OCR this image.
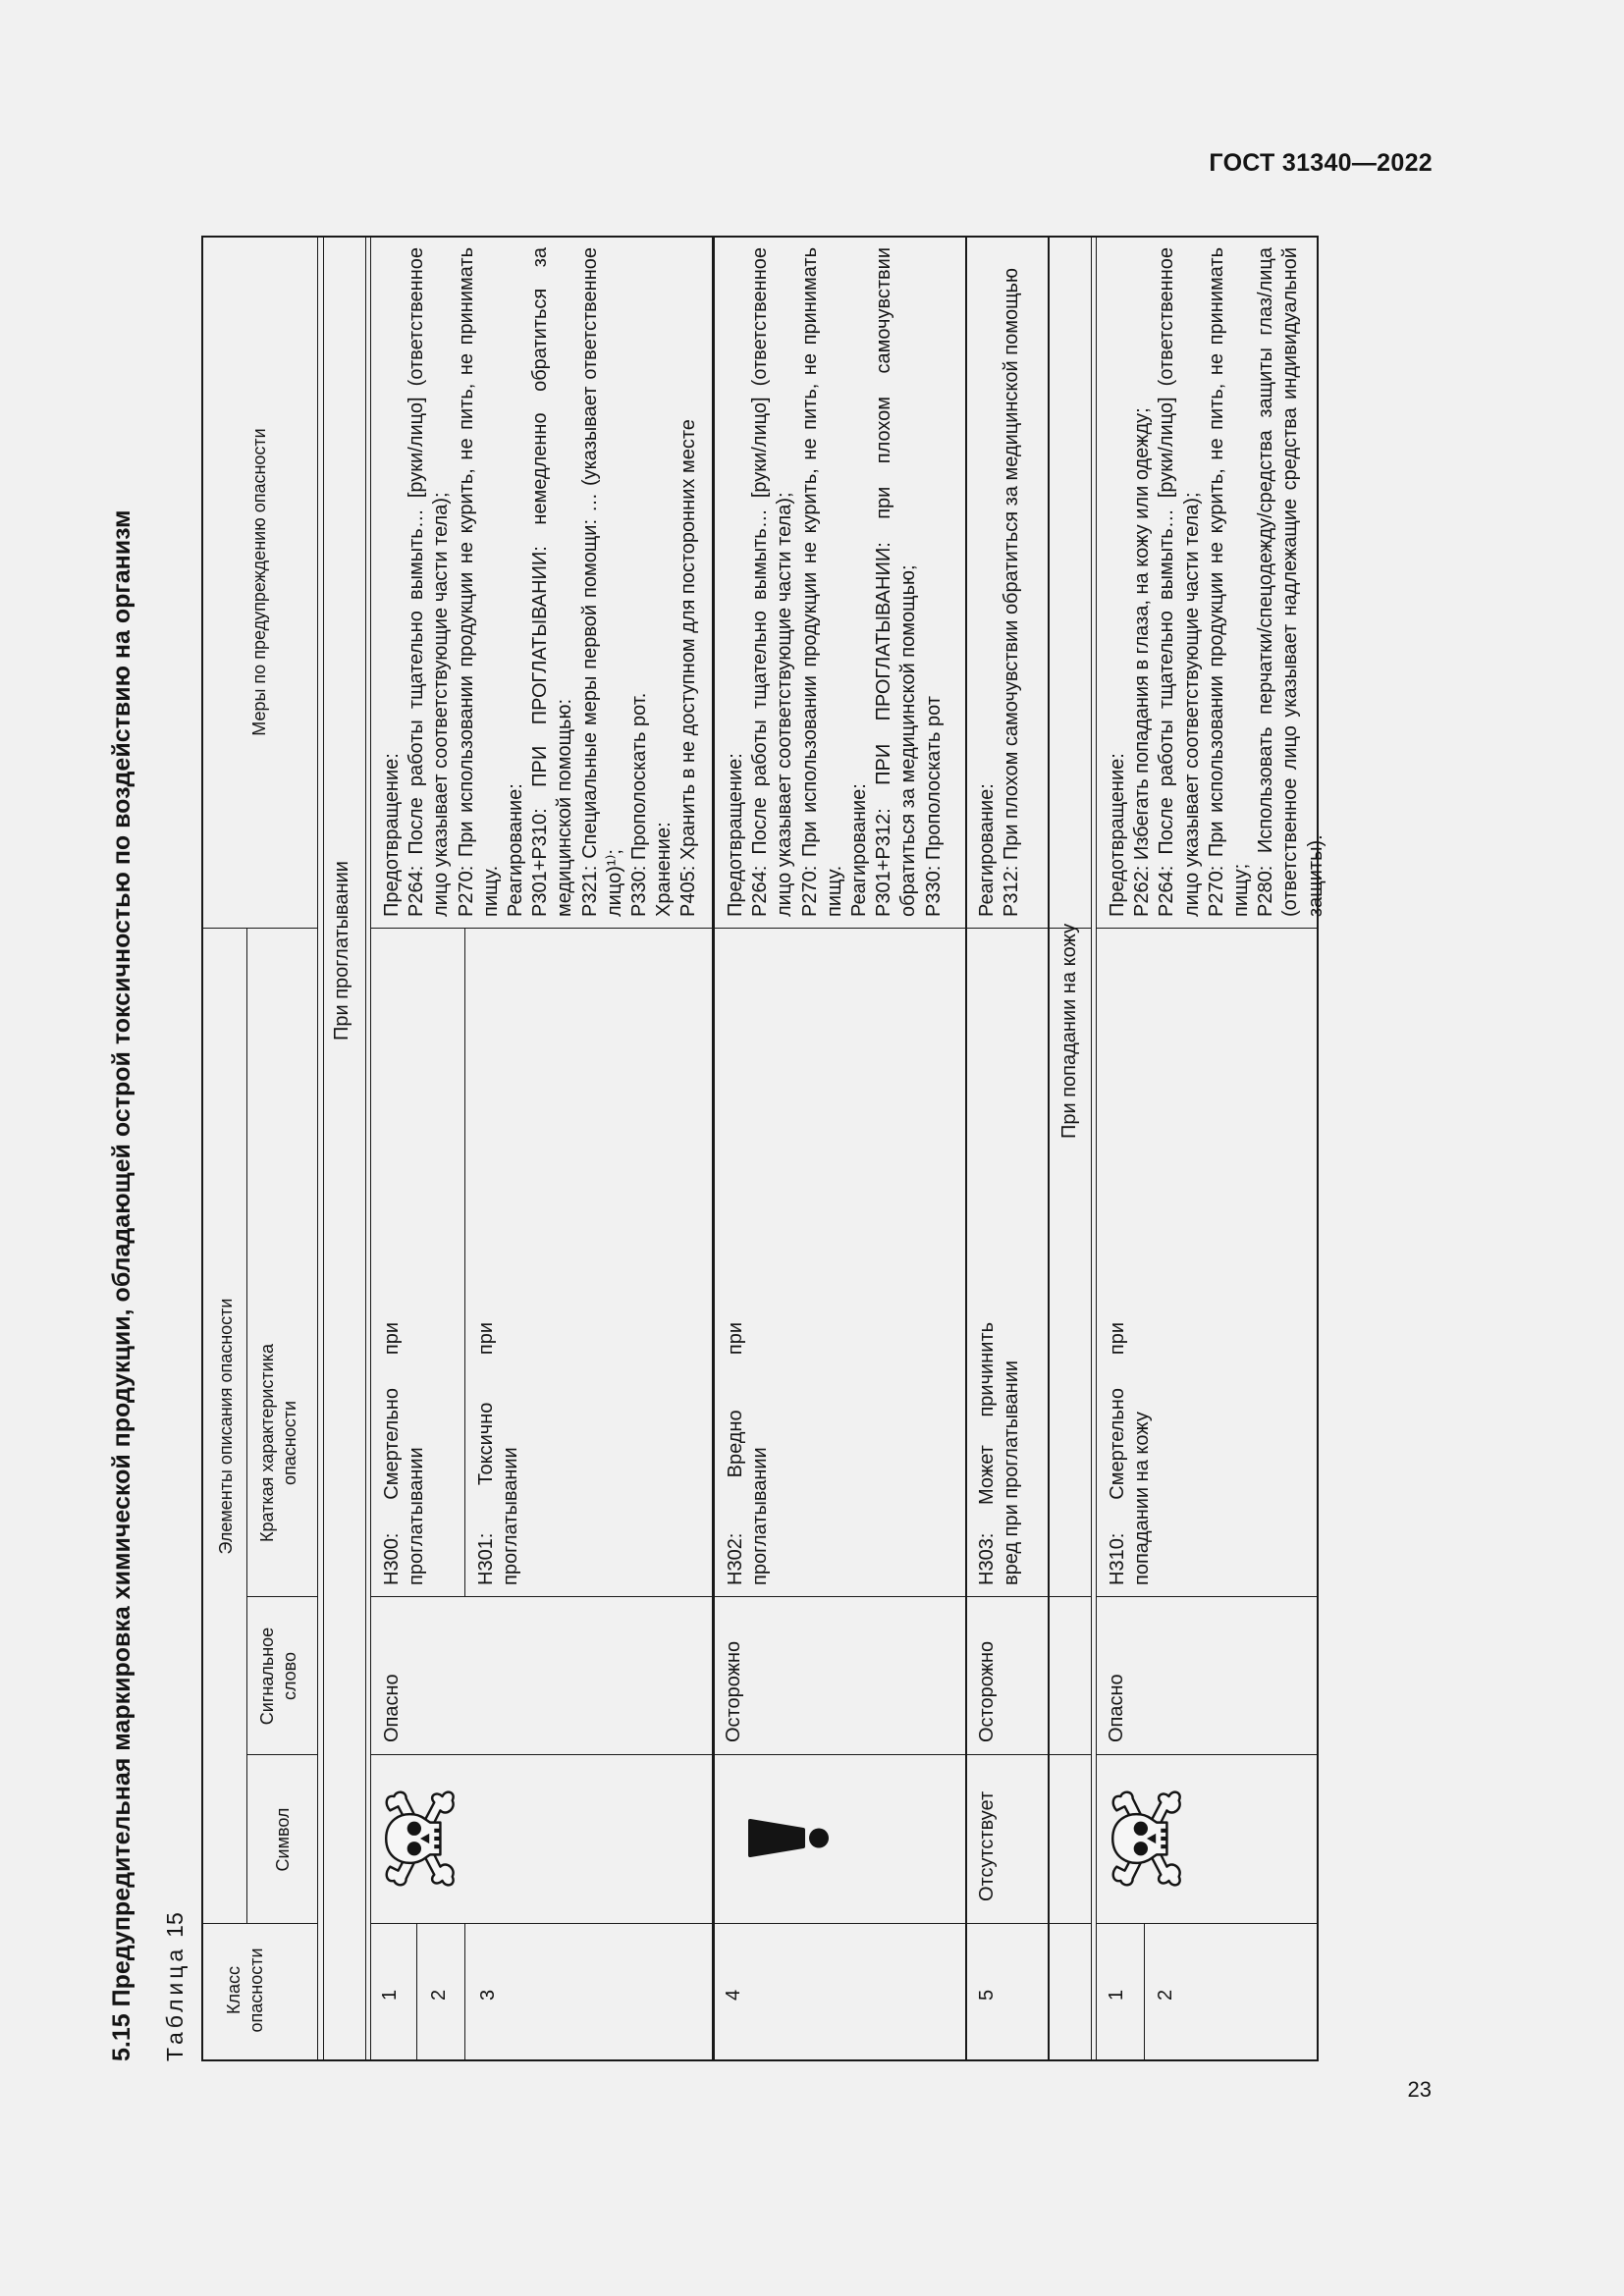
ГОСТ 31340—2022
5.15 Предупредительная маркировка химической продукции, обладающей острой токсичностью по воздействию на организм Таблица15
Класс опасности
Элементы описания опасности
Символ
Сигнальное слово
Краткая характеристика опасности
Меры по предупреждению опасности
При проглатывании
1 2 3
Опасно
Н300: Смертельно при проглатывании	Н301: Токсично при проглатывании
Предотвращение: Р264: После работы тщательно вымыть… [руки/лицо] (ответственное лицо указывает соответствующие части тела); Р270: При использовании продукции не курить, не пить, не принимать пищу. Реагирование: Р301+Р310: ПРИ ПРОГЛАТЫВАНИИ: немедленно обратиться за медицинской помощью: Р321: Специальные меры первой помощи: … (указывает ответственное лицо)¹⁾; Р330: Прополоскать рот. Хранение: Р405: Хранить в не доступном для посторонних месте
4
Осторожно
Н302: Вредно при проглатывании
Предотвращение: Р264: После работы тщательно вымыть… [руки/лицо] (ответственное лицо указывает соответствующие части тела); Р270: При использовании продукции не курить, не пить, не принимать пищу. Реагирование: Р301+Р312: ПРИ ПРОГЛАТЫВАНИИ: при плохом самочувствии обратиться за медицинской помощью; Р330: Прополоскать рот
5
Отсутствует
Осторожно
Н303: Может причинить вред при проглатывании
Реагирование: Р312: При плохом самочувствии обратиться за медицинской помощью
При попадании на кожу
1 2
Опасно
Н310: Смертельно при попадании на кожу
Предотвращение: Р262: Избегать попадания в глаза, на кожу или одежду; Р264: После работы тщательно вымыть… [руки/лицо] (ответственное лицо указывает соответствующие части тела); Р270: При использовании продукции не курить, не пить, не принимать пищу; Р280: Использовать перчатки/спецодежду/средства защиты глаз/лица (ответственное лицо указывает надлежащие средства индивидуальной защиты).
23
